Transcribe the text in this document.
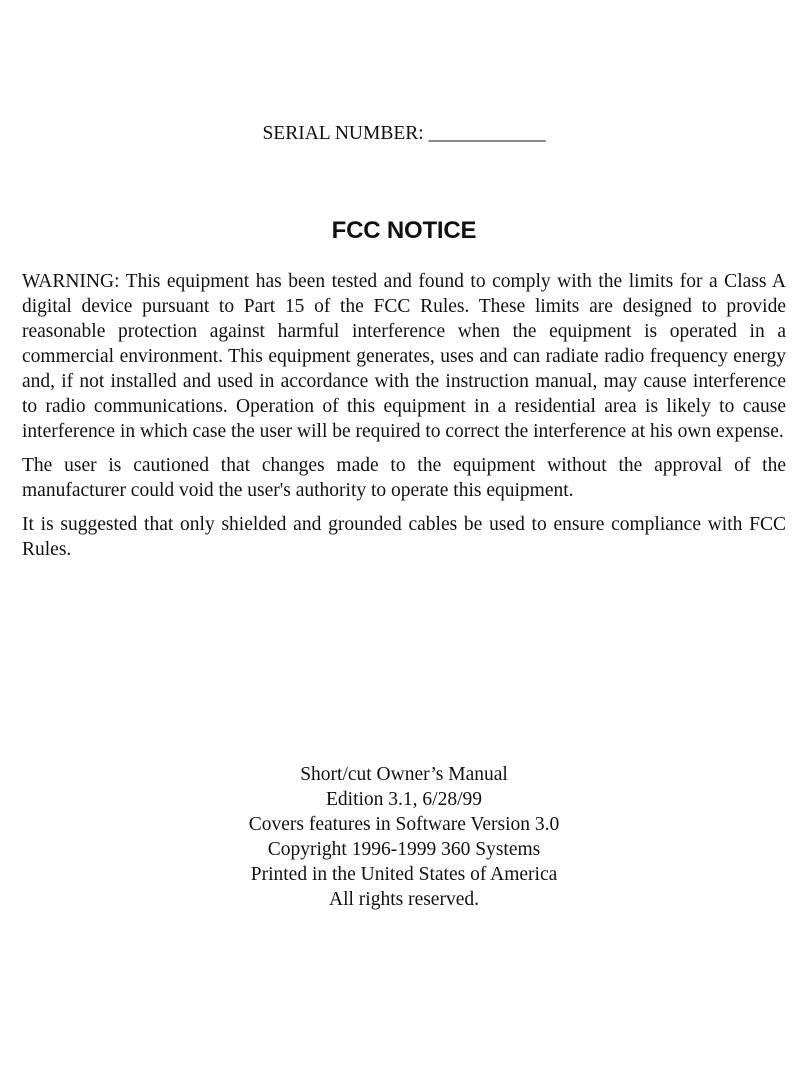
SERIAL NUMBER: ____________
FCC NOTICE

WARNING: This equipment has been tested and found to comply with the limits for a Class A digital device pursuant to Part 15 of the FCC Rules. These limits are designed to provide reasonable protection against harmful interference when the equipment is operated in a commercial environment. This equipment generates, uses and can radiate radio frequency energy and, if not installed and used in accordance with the instruction manual, may cause interference to radio communications. Operation of this equipment in a residential area is likely to cause interference in which case the user will be required to correct the interference at his own expense.

The user is cautioned that changes made to the equipment without the approval of the manufacturer could void the user's authority to operate this equipment.

It is suggested that only shielded and grounded cables be used to ensure compliance with FCC Rules.

Short/cut Owner’s Manual
Edition 3.1, 6/28/99
Covers features in Software Version 3.0
Copyright 1996-1999 360 Systems
Printed in the United States of America
All rights reserved.
